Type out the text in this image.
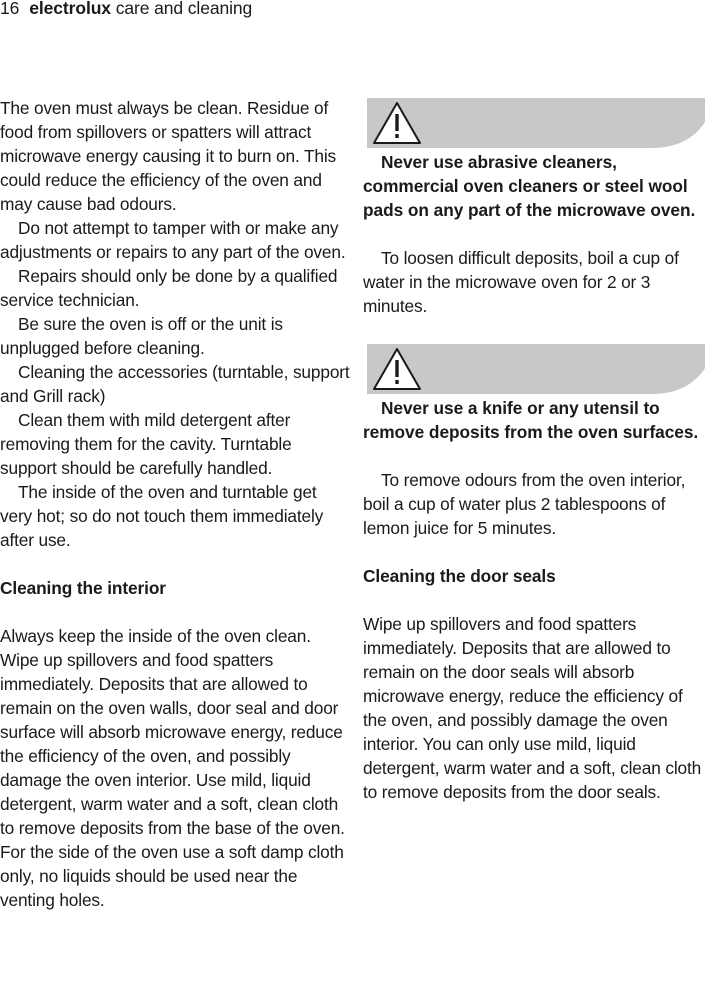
16 electrolux care and cleaning

The oven must always be clean. Residue of food from spillovers or spatters will attract microwave energy causing it to burn on. This could reduce the efficiency of the oven and may cause bad odours.

Do not attempt to tamper with or make any adjustments or repairs to any part of the oven.

Repairs should only be done by a qualified service technician.

Be sure the oven is off or the unit is unplugged before cleaning.

Cleaning the accessories (turntable, support and Grill rack)

Clean them with mild detergent after removing them for the cavity. Turntable support should be carefully handled.

The inside of the oven and turntable get very hot; so do not touch them immediately after use.

Cleaning the interior

Always keep the inside of the oven clean. Wipe up spillovers and food spatters immediately. Deposits that are allowed to remain on the oven walls, door seal and door surface will absorb microwave energy, reduce the efficiency of the oven, and possibly damage the oven interior. Use mild, liquid detergent, warm water and a soft, clean cloth to remove deposits from the base of the oven. For the side of the oven use a soft damp cloth only, no liquids should be used near the venting holes.

Never use abrasive cleaners, commercial oven cleaners or steel wool pads on any part of the microwave oven.

To loosen difficult deposits, boil a cup of water in the microwave oven for 2 or 3 minutes.

Never use a knife or any utensil to remove deposits from the oven surfaces.

To remove odours from the oven interior, boil a cup of water plus 2 tablespoons of lemon juice for 5 minutes.

Cleaning the door seals

Wipe up spillovers and food spatters immediately. Deposits that are allowed to remain on the door seals will absorb microwave energy, reduce the efficiency of the oven, and possibly damage the oven interior. You can only use mild, liquid detergent, warm water and a soft, clean cloth to remove deposits from the door seals.
